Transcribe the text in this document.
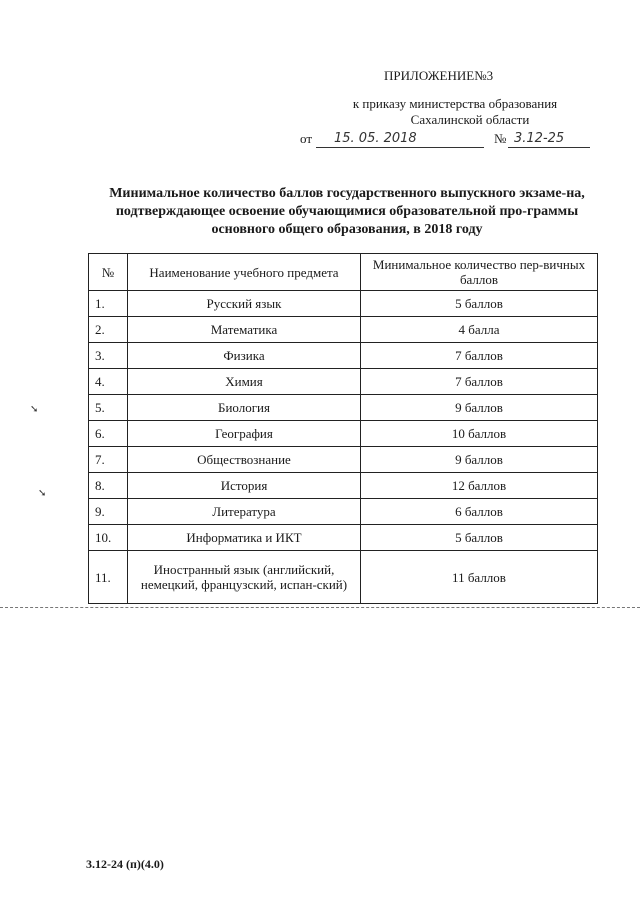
ПРИЛОЖЕНИЕ№3
к приказу министерства образования
Сахалинской области
от	15. 05. 2018	№ 3.12-25
Минимальное количество баллов государственного выпускного экзаме-на, подтверждающее освоение обучающимися образовательной про-граммы основного общего образования, в 2018 году
№	Наименование учебного предмета	Минимальное количество пер-вичных баллов
1.	Русский язык	5 баллов
2.	Математика	4 балла
3.	Физика	7 баллов
4.	Химия	7 баллов
5.	Биология	9 баллов
6.	География	10 баллов
7.	Обществознание	9 баллов
8.	История	12 баллов
9.	Литература	6 баллов
10.	Информатика и ИКТ	5 баллов
11.	Иностранный язык (английский, немецкий, французский, испан-ский)	11 баллов
➘
➘
3.12-24 (п)(4.0)
